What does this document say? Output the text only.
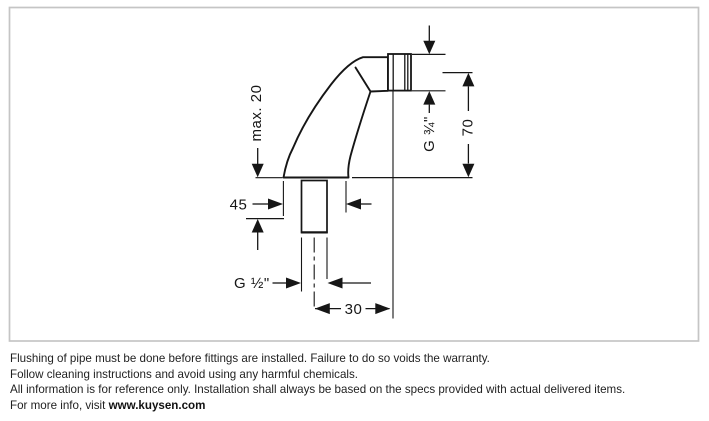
max. 20
45
G ½"
30
G ¾" 70

Flushing of pipe must be done before fittings are installed. Failure to do so voids the warranty.

Follow cleaning instructions and avoid using any harmful chemicals.

All information is for reference only. Installation shall always be based on the specs provided with actual delivered items.

For more info, visit www.kuysen.com
